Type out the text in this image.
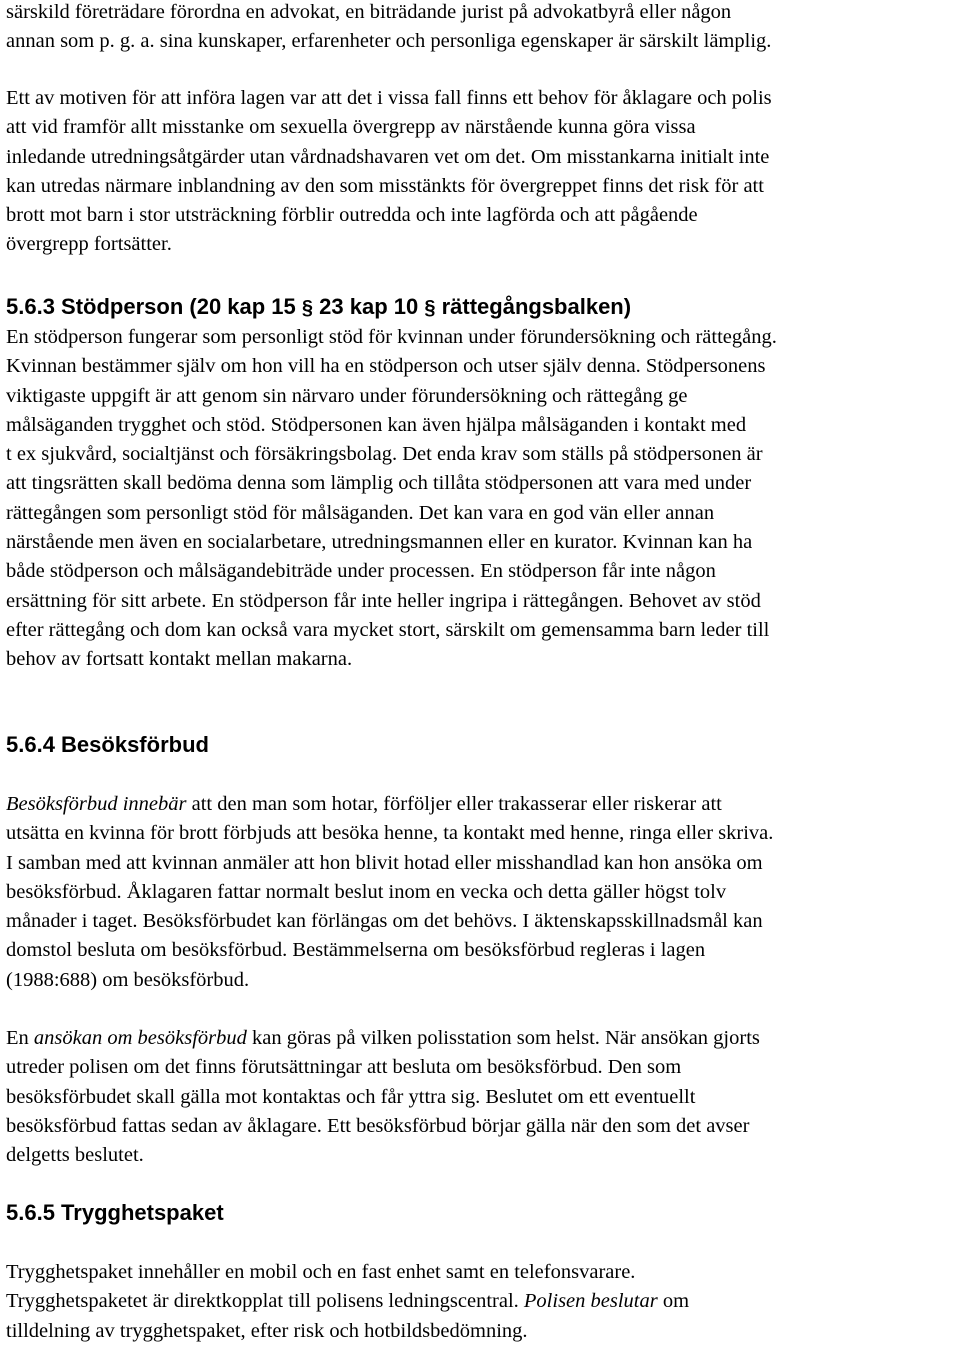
särskild företrädare förordna en advokat, en biträdande jurist på advokatbyrå eller någon
annan som p. g. a. sina kunskaper, erfarenheter och personliga egenskaper är särskilt lämplig.
Ett av motiven för att införa lagen var att det i vissa fall finns ett behov för åklagare och polis
att vid framför allt misstanke om sexuella övergrepp av närstående kunna göra vissa
inledande utredningsåtgärder utan vårdnadshavaren vet om det. Om misstankarna initialt inte
kan utredas närmare inblandning av den som misstänkts för övergreppet finns det risk för att
brott mot barn i stor utsträckning förblir outredda och inte lagförda och att pågående
övergrepp fortsätter.
5.6.3 Stödperson (20 kap 15 § 23 kap 10 § rättegångsbalken)
En stödperson fungerar som personligt stöd för kvinnan under förundersökning och rättegång.
Kvinnan bestämmer själv om hon vill ha en stödperson och utser själv denna. Stödpersonens
viktigaste uppgift är att genom sin närvaro under förundersökning och rättegång ge
målsäganden trygghet och stöd. Stödpersonen kan även hjälpa målsäganden i kontakt med
t ex sjukvård, socialtjänst och försäkringsbolag. Det enda krav som ställs på stödpersonen är
att tingsrätten skall bedöma denna som lämplig och tillåta stödpersonen att vara med under
rättegången som personligt stöd för målsäganden. Det kan vara en god vän eller annan
närstående men även en socialarbetare, utredningsmannen eller en kurator. Kvinnan kan ha
både stödperson och målsägandebiträde under processen. En stödperson får inte någon
ersättning för sitt arbete. En stödperson får inte heller ingripa i rättegången. Behovet av stöd
efter rättegång och dom kan också vara mycket stort, särskilt om gemensamma barn leder till
behov av fortsatt kontakt mellan makarna.
5.6.4 Besöksförbud
Besöksförbud innebär att den man som hotar, förföljer eller trakasserar eller riskerar att
utsätta en kvinna för brott förbjuds att besöka henne, ta kontakt med henne, ringa eller skriva.
I samban med att kvinnan anmäler att hon blivit hotad eller misshandlad kan hon ansöka om
besöksförbud. Åklagaren fattar normalt beslut inom en vecka och detta gäller högst tolv
månader i taget. Besöksförbudet kan förlängas om det behövs. I äktenskapsskillnadsmål kan
domstol besluta om besöksförbud. Bestämmelserna om besöksförbud regleras i lagen
(1988:688) om besöksförbud.
En ansökan om besöksförbud kan göras på vilken polisstation som helst. När ansökan gjorts
utreder polisen om det finns förutsättningar att besluta om besöksförbud. Den som
besöksförbudet skall gälla mot kontaktas och får yttra sig. Beslutet om ett eventuellt
besöksförbud fattas sedan av åklagare. Ett besöksförbud börjar gälla när den som det avser
delgetts beslutet.
5.6.5 Trygghetspaket
Trygghetspaket innehåller en mobil och en fast enhet samt en telefonsvarare.
Trygghetspaketet är direktkopplat till polisens ledningscentral. Polisen beslutar om
tilldelning av trygghetspaket, efter risk och hotbildsbedömning.
